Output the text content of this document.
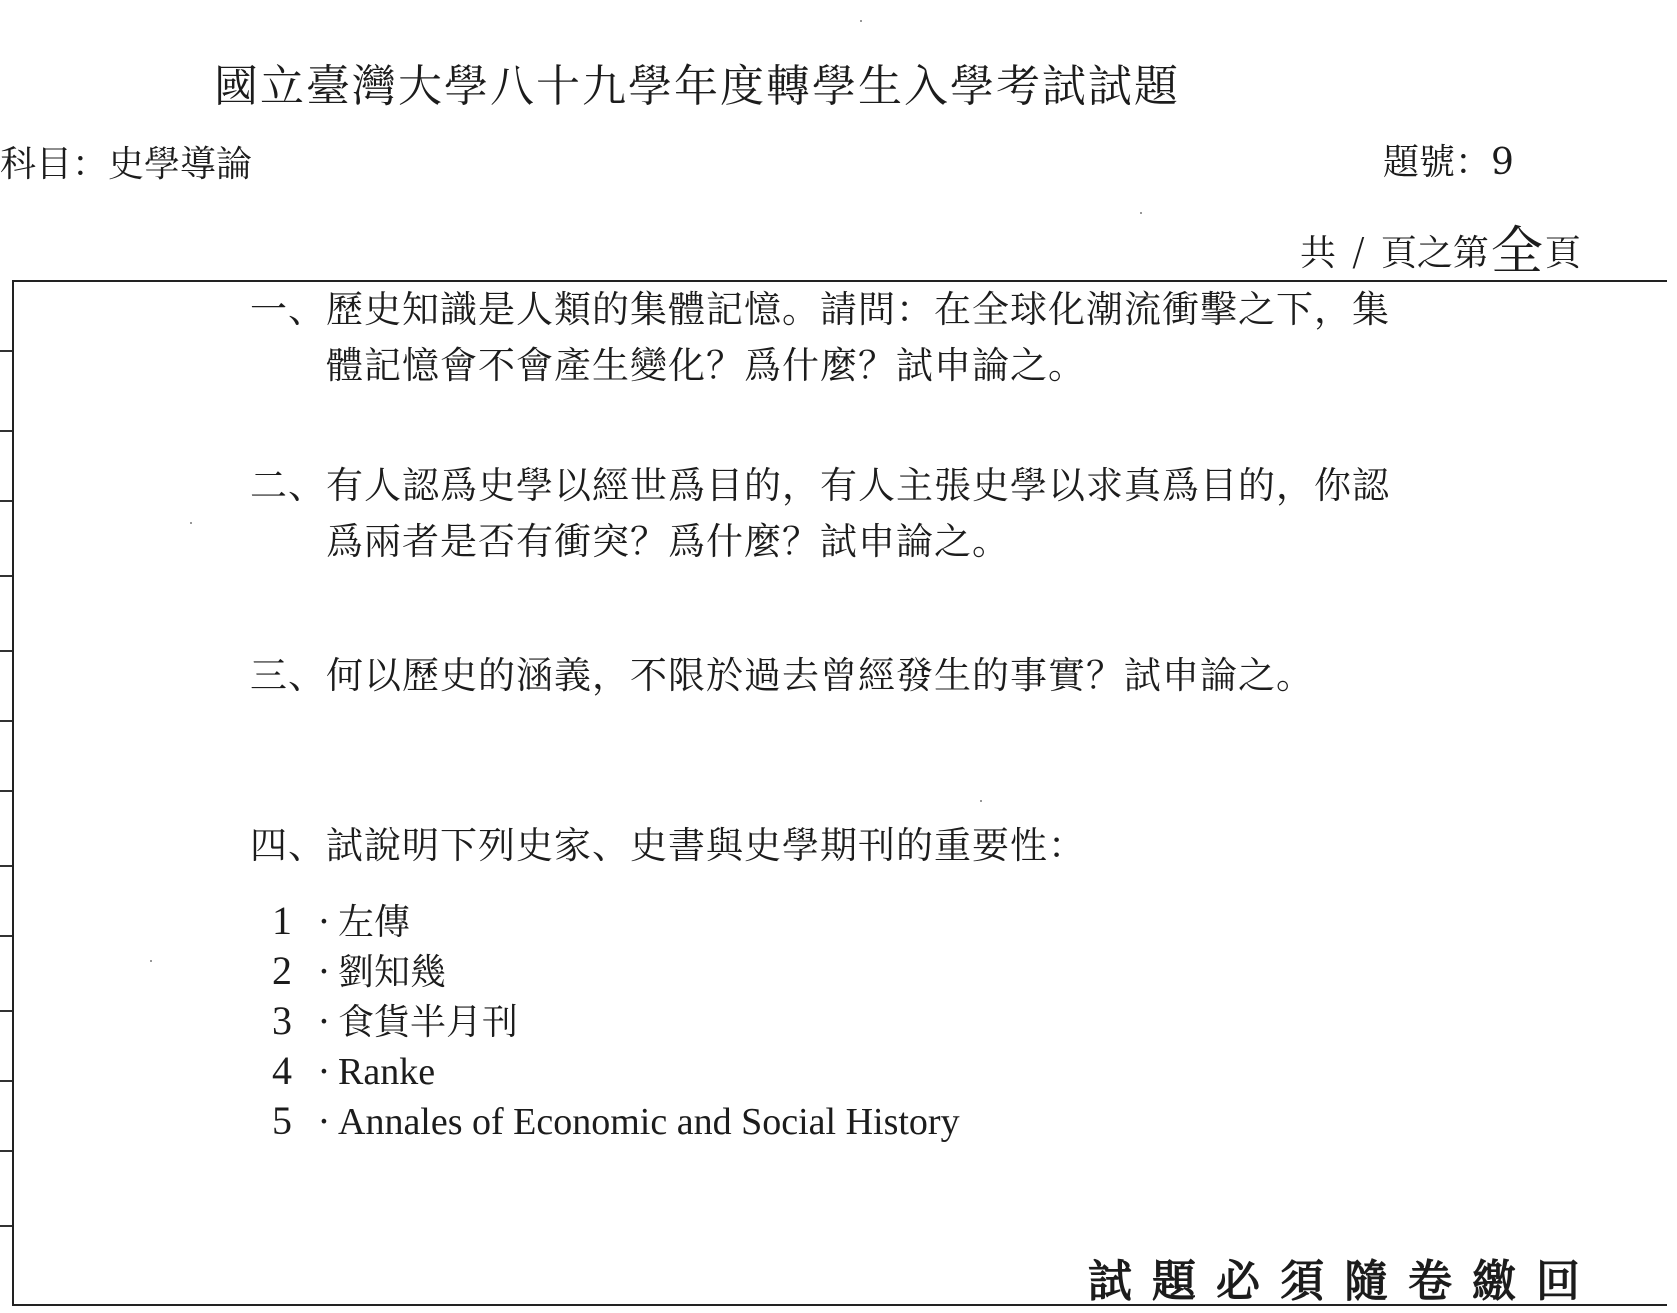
國立臺灣大學八十九學年度轉學生入學考試試題
科目：史學導論	題號：9
共 / 頁之第全頁
一、歷史知識是人類的集體記憶。請問：在全球化潮流衝擊之下，集
體記憶會不會產生變化？爲什麼？試申論之。
二、有人認爲史學以經世爲目的，有人主張史學以求真爲目的，你認
爲兩者是否有衝突？爲什麼？試申論之。
三、何以歷史的涵義，不限於過去曾經發生的事實？試申論之。
四、試說明下列史家、史書與史學期刊的重要性：
1 · 左傳
2 · 劉知幾
3 · 食貨半月刊
4 · Ranke
5 · Annales of Economic and Social History
試題必須隨卷繳回
